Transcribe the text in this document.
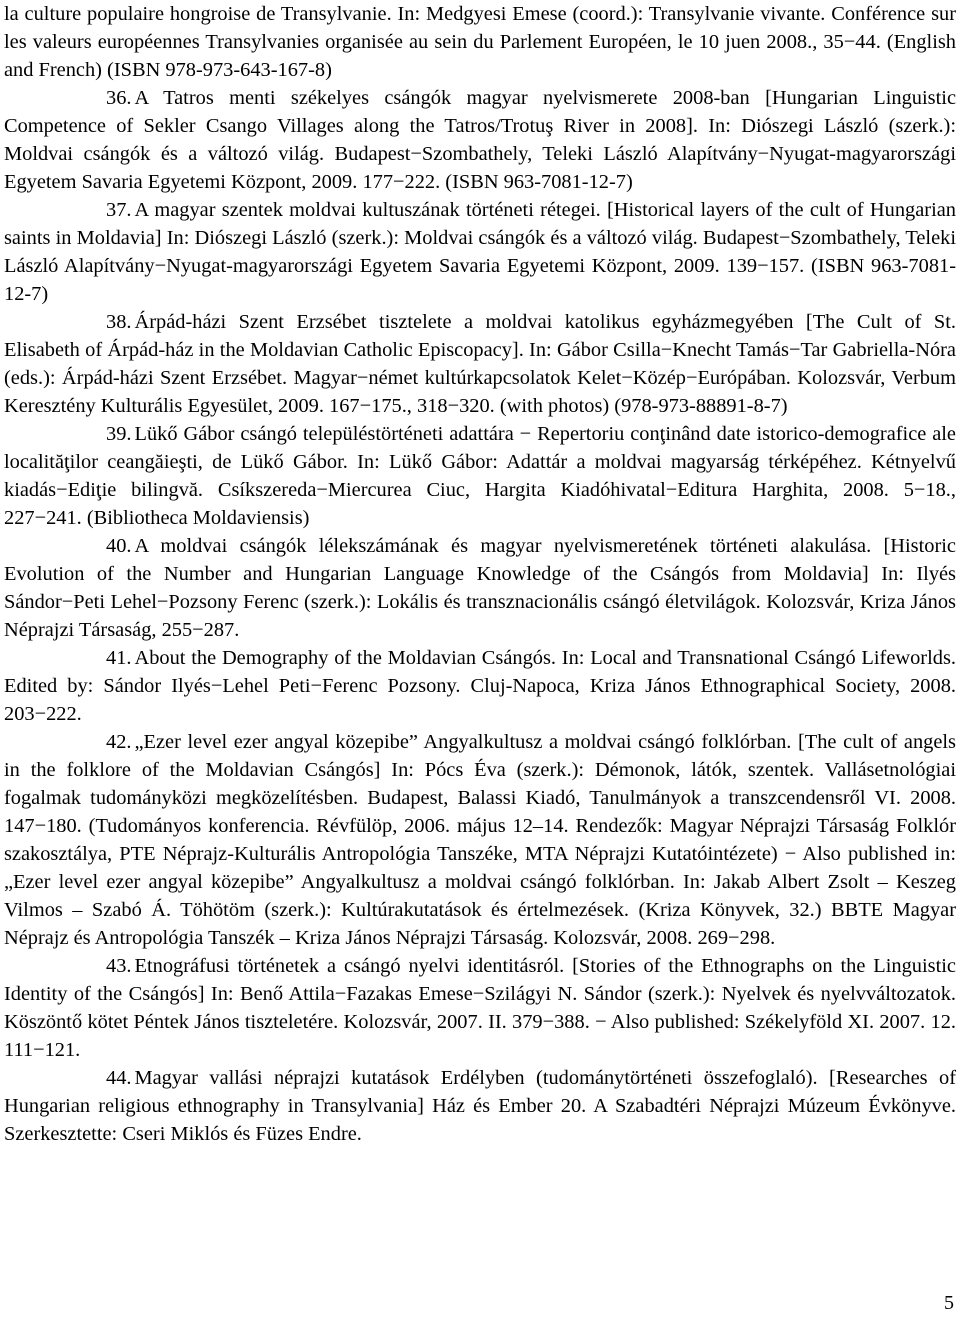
la culture populaire hongroise de Transylvanie. In: Medgyesi Emese (coord.): Transylvanie vivante. Conférence sur les valeurs européennes Transylvanies organisée au sein du Parlement Européen, le 10 juen 2008., 35−44. (English and French) (ISBN 978-973-643-167-8)

36. A Tatros menti székelyes csángók magyar nyelvismerete 2008-ban [Hungarian Linguistic Competence of Sekler Csango Villages along the Tatros/Trotuş River in 2008]. In: Diószegi László (szerk.): Moldvai csángók és a változó világ. Budapest−Szombathely, Teleki László Alapítvány−Nyugat-magyarországi Egyetem Savaria Egyetemi Központ, 2009. 177−222. (ISBN 963-7081-12-7)

37. A magyar szentek moldvai kultuszának történeti rétegei. [Historical layers of the cult of Hungarian saints in Moldavia] In: Diószegi László (szerk.): Moldvai csángók és a változó világ. Budapest−Szombathely, Teleki László Alapítvány−Nyugat-magyarországi Egyetem Savaria Egyetemi Központ, 2009. 139−157. (ISBN 963-7081-12-7)

38. Árpád-házi Szent Erzsébet tisztelete a moldvai katolikus egyházmegyében [The Cult of St. Elisabeth of Árpád-ház in the Moldavian Catholic Episcopacy]. In: Gábor Csilla−Knecht Tamás−Tar Gabriella-Nóra (eds.): Árpád-házi Szent Erzsébet. Magyar−német kultúrkapcsolatok Kelet−Közép−Európában. Kolozsvár, Verbum Keresztény Kulturális Egyesület, 2009. 167−175., 318−320. (with photos) (978-973-88891-8-7)

39. Lükő Gábor csángó településtörténeti adattára − Repertoriu conţinând date istorico-demografice ale localităţilor ceangăieşti, de Lükő Gábor. In: Lükő Gábor: Adattár a moldvai magyarság térképéhez. Kétnyelvű kiadás−Ediţie bilingvă. Csíkszereda−Miercurea Ciuc, Hargita Kiadóhivatal−Editura Harghita, 2008. 5−18., 227−241. (Bibliotheca Moldaviensis)

40. A moldvai csángók lélekszámának és magyar nyelvismeretének történeti alakulása. [Historic Evolution of the Number and Hungarian Language Knowledge of the Csángós from Moldavia] In: Ilyés Sándor−Peti Lehel−Pozsony Ferenc (szerk.): Lokális és transznacionális csángó életvilágok. Kolozsvár, Kriza János Néprajzi Társaság, 255−287.

41. About the Demography of the Moldavian Csángós. In: Local and Transnational Csángó Lifeworlds. Edited by: Sándor Ilyés−Lehel Peti−Ferenc Pozsony. Cluj-Napoca, Kriza János Ethnographical Society, 2008. 203−222.

42. „Ezer level ezer angyal közepibe” Angyalkultusz a moldvai csángó folklórban. [The cult of angels in the folklore of the Moldavian Csángós] In: Pócs Éva (szerk.): Démonok, látók, szentek. Vallásetnológiai fogalmak tudományközi megközelítésben. Budapest, Balassi Kiadó, Tanulmányok a transzcendensről VI. 2008. 147−180. (Tudományos konferencia. Révfülöp, 2006. május 12–14. Rendezők: Magyar Néprajzi Társaság Folklór szakosztálya, PTE Néprajz-Kulturális Antropológia Tanszéke, MTA Néprajzi Kutatóintézete) − Also published in: „Ezer level ezer angyal közepibe” Angyalkultusz a moldvai csángó folklórban. In: Jakab Albert Zsolt – Keszeg Vilmos – Szabó Á. Töhötöm (szerk.): Kultúrakutatások és értelmezések. (Kriza Könyvek, 32.) BBTE Magyar Néprajz és Antropológia Tanszék – Kriza János Néprajzi Társaság. Kolozsvár, 2008. 269−298.

43. Etnográfusi történetek a csángó nyelvi identitásról. [Stories of the Ethnographs on the Linguistic Identity of the Csángós] In: Benő Attila−Fazakas Emese−Szilágyi N. Sándor (szerk.): Nyelvek és nyelvváltozatok. Köszöntő kötet Péntek János tiszteletére. Kolozsvár, 2007. II. 379−388. − Also published: Székelyföld XI. 2007. 12. 111−121.

44. Magyar vallási néprajzi kutatások Erdélyben (tudománytörténeti összefoglaló). [Researches of Hungarian religious ethnography in Transylvania] Ház és Ember 20. A Szabadtéri Néprajzi Múzeum Évkönyve. Szerkesztette: Cseri Miklós és Füzes Endre.

5
